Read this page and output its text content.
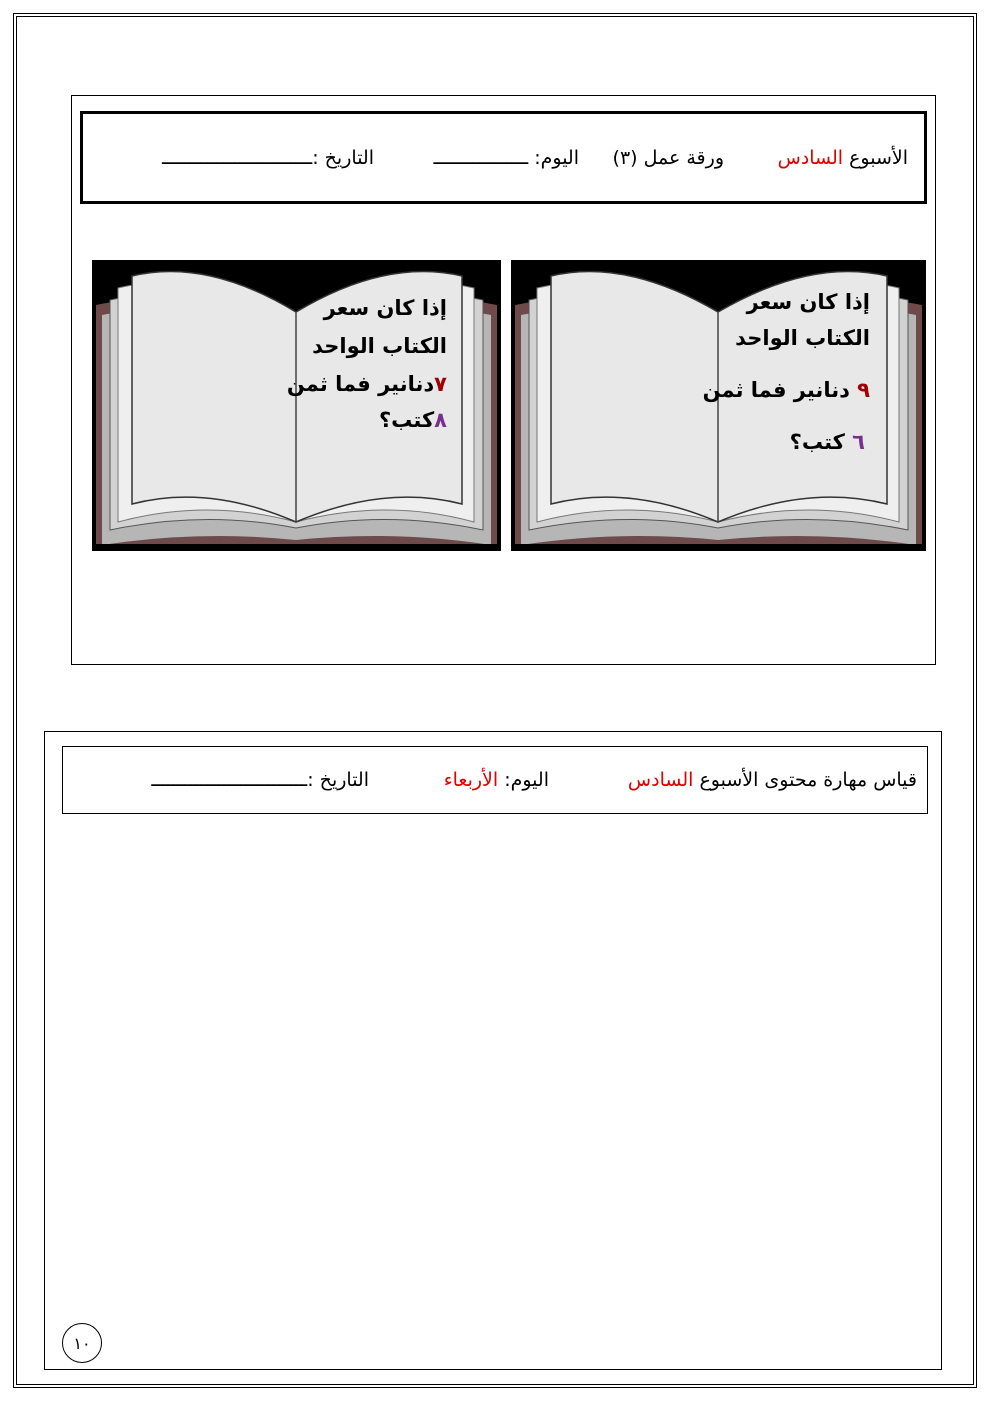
الأسبوع

السادس
ورقة عمل (٣)
اليوم: ـــــــــــــــــ
التاريخ :ـــــــــــــــــــــــــــ
إذا كان سعر
الكتاب الواحد
٩ دنانير فما ثمن
٦ كتب؟
إذا كان سعر
الكتاب الواحد
٧دنانير فما ثمن
٨كتب؟
قياس مهارة محتوى الأسبوع

السادس
اليوم:

الأربعاء
التاريخ :ــــــــــــــــــــــــــــ
١٠
